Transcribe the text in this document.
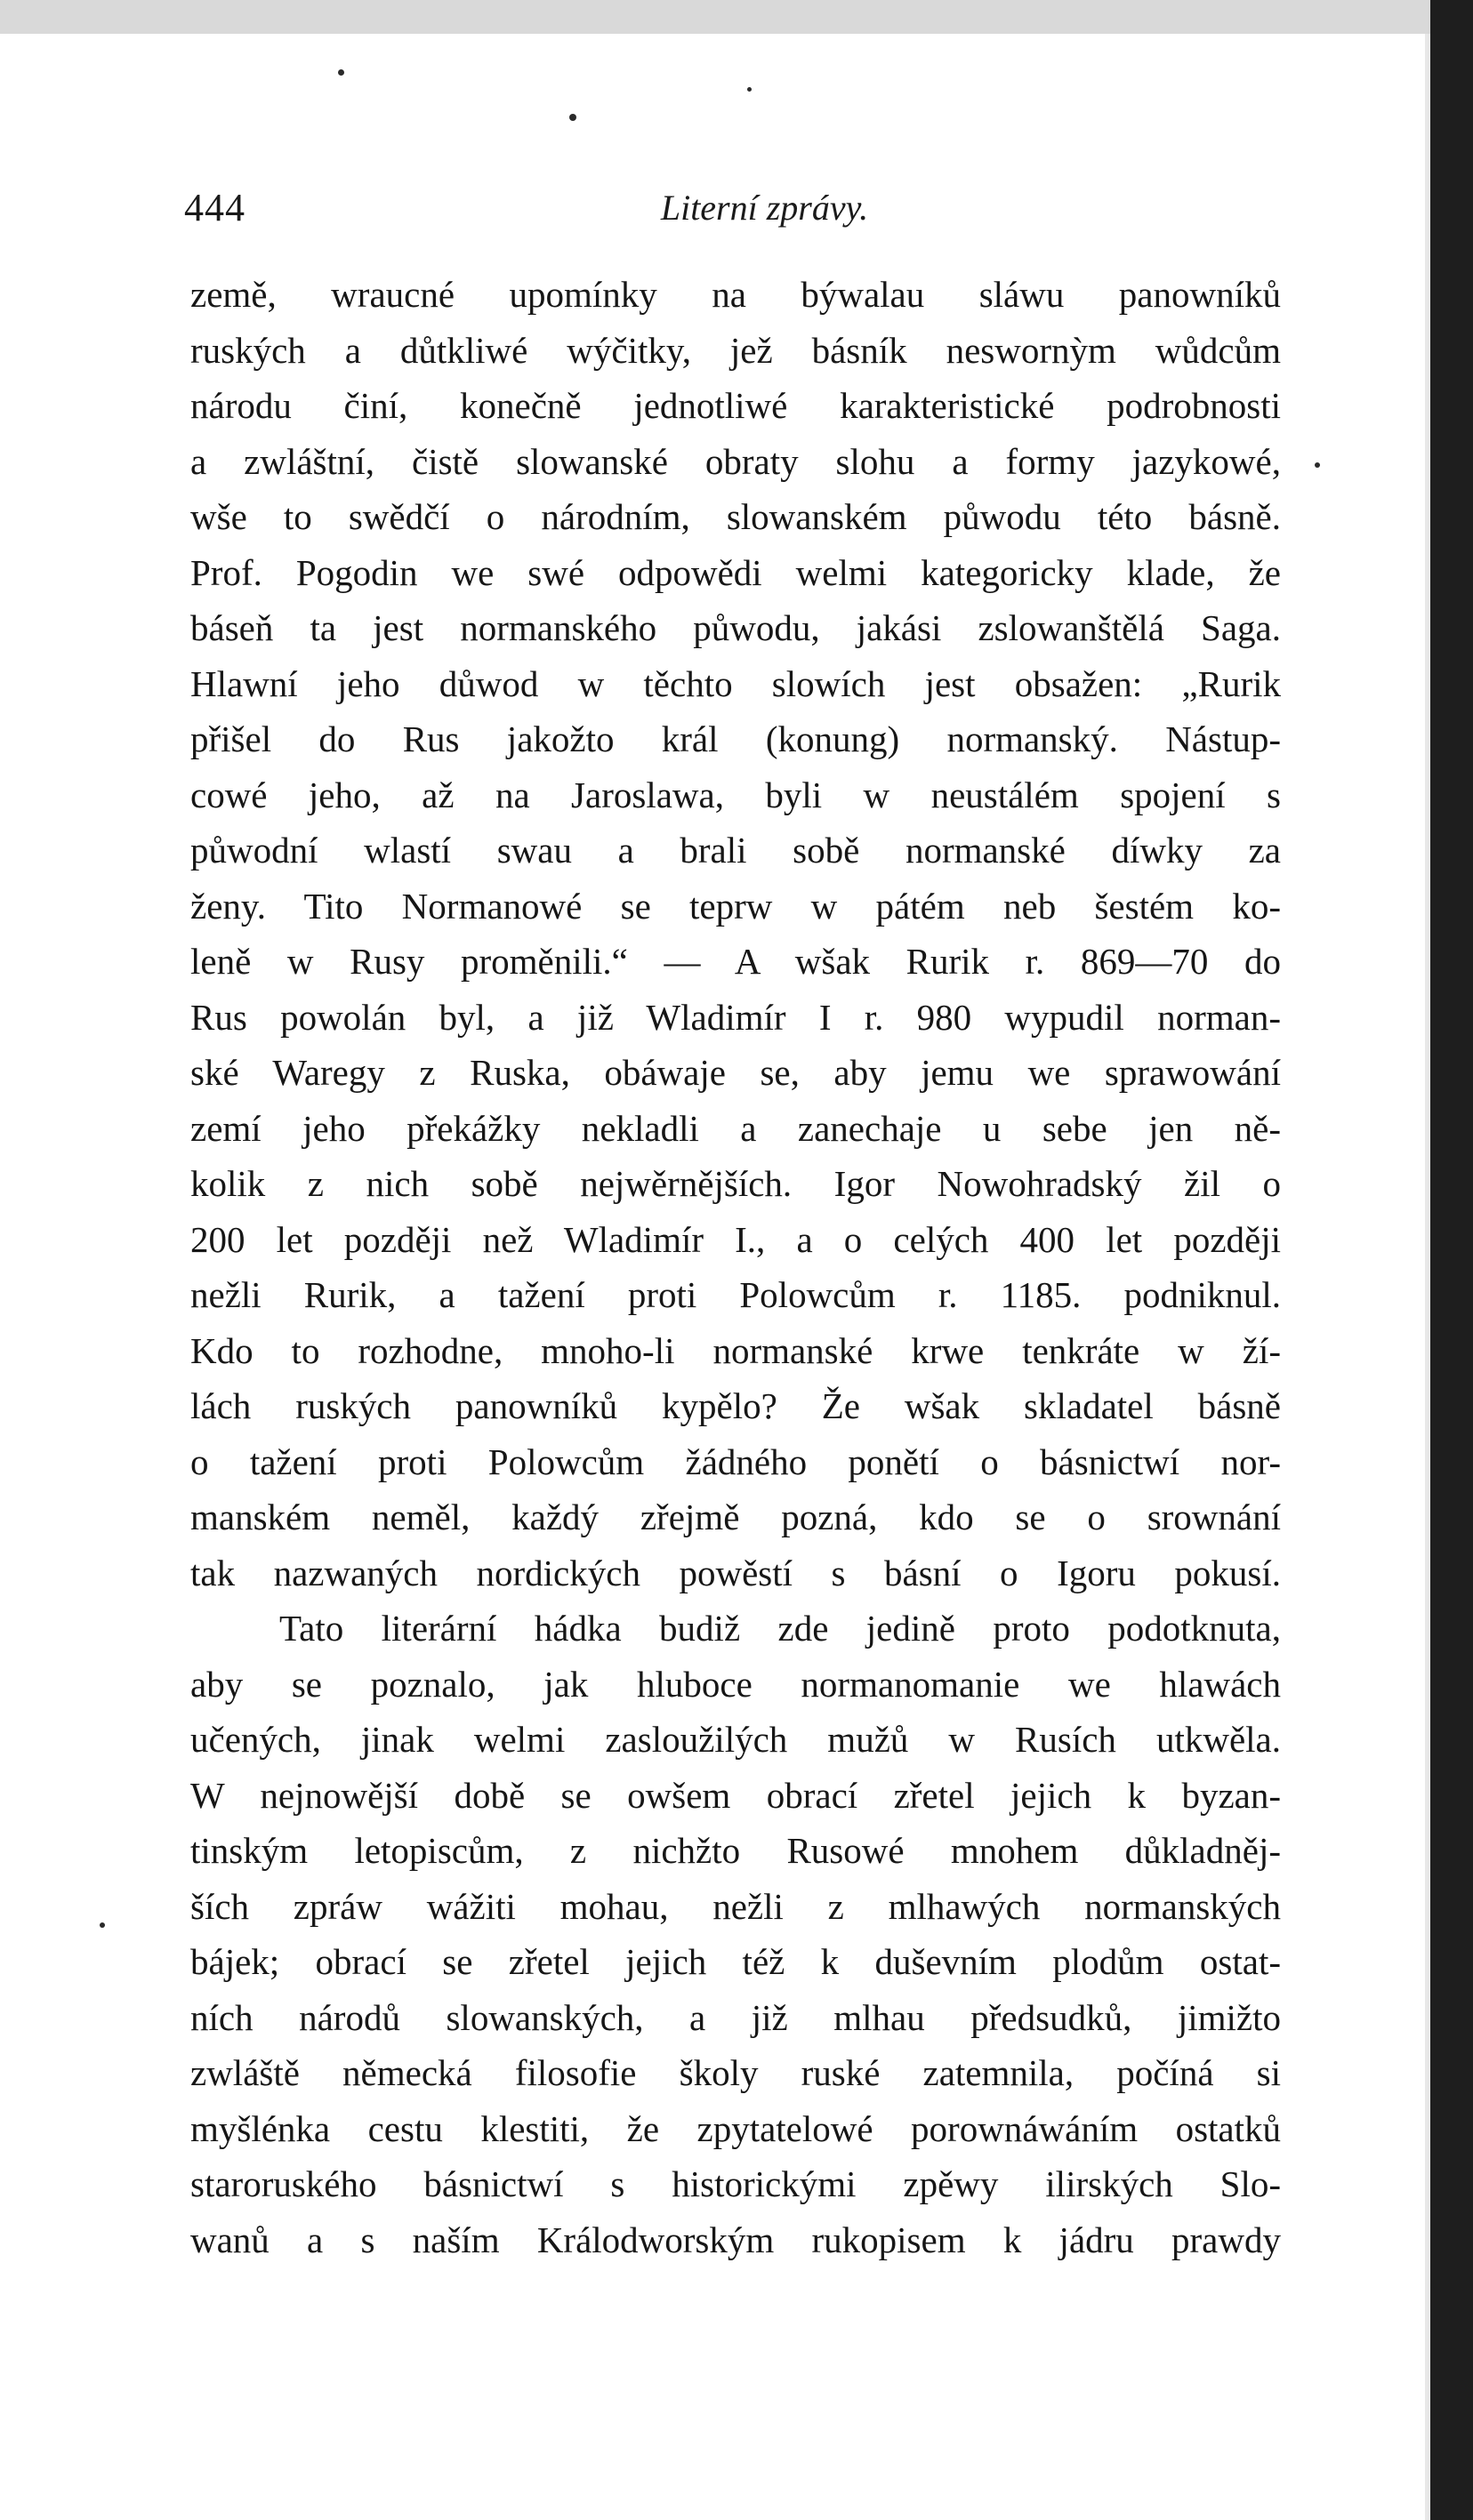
444	Literní zprávy.
země, wraucné upomínky na býwalau sláwu panowníků
ruských a důtkliwé wýčitky, jež básník neswornỳm wůdcům
národu činí, konečně jednotliwé karakteristické podrobnosti
a zwláštní, čistě slowanské obraty slohu a formy jazykowé,
wše to swědčí o národním, slowanském půwodu této básně.
Prof. Pogodin we swé odpowědi welmi kategoricky klade, že
báseň ta jest normanského půwodu, jakási zslowanštělá Saga.
Hlawní jeho důwod w těchto slowích jest obsažen: „Rurik
přišel do Rus jakožto král (konung) normanský. Nástup-
cowé jeho, až na Jaroslawa, byli w neustálém spojení s
půwodní wlastí swau a brali sobě normanské díwky za
ženy. Tito Normanowé se teprw w pátém neb šestém ko-
leně w Rusy proměnili.“ — A wšak Rurik r. 869—70 do
Rus powolán byl, a již Wladimír I r. 980 wypudil norman-
ské Waregy z Ruska, obáwaje se, aby jemu we sprawowání
zemí jeho překážky nekladli a zanechaje u sebe jen ně-
kolik z nich sobě nejwěrnějších. Igor Nowohradský žil o
200 let později než Wladimír I., a o celých 400 let později
nežli Rurik, a tažení proti Polowcům r. 1185. podniknul.
Kdo to rozhodne, mnoho-li normanské krwe tenkráte w ží-
lách ruských panowníků kypělo? Že wšak skladatel básně
o tažení proti Polowcům žádného ponětí o básnictwí nor-
manském neměl, každý zřejmě pozná, kdo se o srownání
tak nazwaných nordických powěstí s básní o Igoru pokusí.
Tato literární hádka budiž zde jedině proto podotknuta,
aby se poznalo, jak hluboce normanomanie we hlawách
učených, jinak welmi zasloužilých mužů w Rusích utkwěla.
W nejnowější době se owšem obrací zřetel jejich k byzan-
tinským letopiscům, z nichžto Rusowé mnohem důkladněj-
ších zpráw wážiti mohau, nežli z mlhawých normanských
bájek; obrací se zřetel jejich též k duševním plodům ostat-
ních národů slowanských, a již mlhau předsudků, jimižto
zwláště německá filosofie školy ruské zatemnila, počíná si
myšlénka cestu klestiti, že zpytatelowé porownáwáním ostatků
staroruského básnictwí s historickými zpěwy ilirských Slo-
wanů a s naším Králodworským rukopisem k jádru prawdy
